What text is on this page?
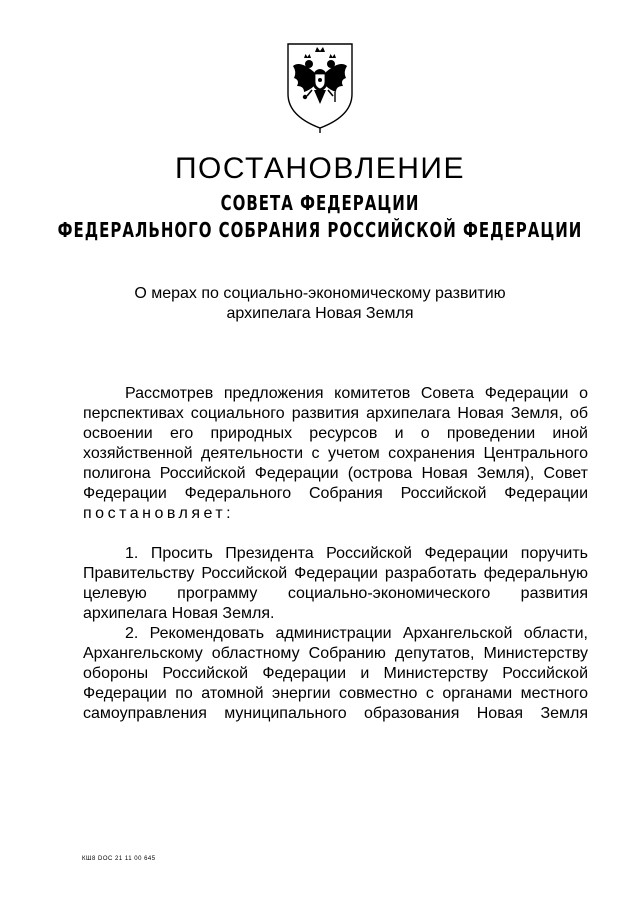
ПОСТАНОВЛЕНИЕ
СОВЕТА ФЕДЕРАЦИИ
ФЕДЕРАЛЬНОГО СОБРАНИЯ РОССИЙСКОЙ ФЕДЕРАЦИИ
О мерах по социально-экономическому развитию
архипелага Новая Земля
Рассмотрев предложения комитетов Совета Федерации о
перспективах социального развития архипелага Новая Земля, об
освоении его природных ресурсов и о проведении иной
хозяйственной деятельности с учетом сохранения Центрального
полигона Российской Федерации (острова Новая Земля), Совет
Федерации Федерального Собрания Российской Федерации
постановляет:
1. Просить Президента Российской Федерации поручить
Правительству Российской Федерации разработать федеральную
целевую программу социально-экономического развития
архипелага Новая Земля.
2. Рекомендовать администрации Архангельской области,
Архангельскому областному Собранию депутатов, Министерству
обороны Российской Федерации и Министерству Российской
Федерации по атомной энергии совместно с органами местного
самоуправления муниципального образования Новая Земля
КШ8 DOC 21 11 00 645
